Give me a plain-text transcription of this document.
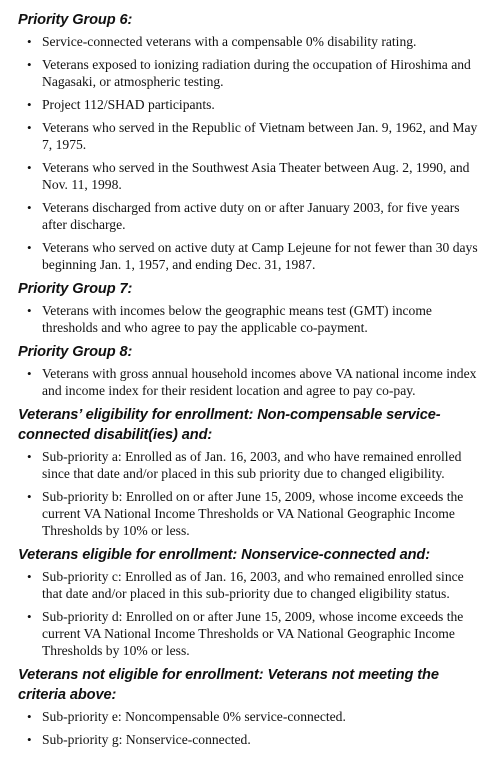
Priority Group 6:
• Service-connected veterans with a compensable 0% disability rating.
• Veterans exposed to ionizing radiation during the occupation of Hiroshima and Nagasaki, or atmospheric testing.
• Project 112/SHAD participants.
• Veterans who served in the Republic of Vietnam between Jan. 9, 1962, and May 7, 1975.
• Veterans who served in the Southwest Asia Theater between Aug. 2, 1990, and Nov. 11, 1998.
• Veterans discharged from active duty on or after January 2003, for five years after discharge.
• Veterans who served on active duty at Camp Lejeune for not fewer than 30 days beginning Jan. 1, 1957, and ending Dec. 31, 1987.
Priority Group 7:
• Veterans with incomes below the geographic means test (GMT) income thresholds and who agree to pay the applicable co-payment.
Priority Group 8:
• Veterans with gross annual household incomes above VA national income index and income index for their resident location and agree to pay co-pay.
Veterans’ eligibility for enrollment: Non-compensable service-connected disabilit(ies) and:
• Sub-priority a: Enrolled as of Jan. 16, 2003, and who have remained enrolled since that date and/or placed in this sub priority due to changed eligibility.
• Sub-priority b: Enrolled on or after June 15, 2009, whose income exceeds the current VA National Income Thresholds or VA National Geographic Income Thresholds by 10% or less.
Veterans eligible for enrollment: Nonservice-connected and:
• Sub-priority c: Enrolled as of Jan. 16, 2003, and who remained enrolled since that date and/or placed in this sub-priority due to changed eligibility status.
• Sub-priority d: Enrolled on or after June 15, 2009, whose income exceeds the current VA National Income Thresholds or VA National Geographic Income Thresholds by 10% or less.
Veterans not eligible for enrollment: Veterans not meeting the criteria above:
• Sub-priority e: Noncompensable 0% service-connected.
• Sub-priority g: Nonservice-connected.
